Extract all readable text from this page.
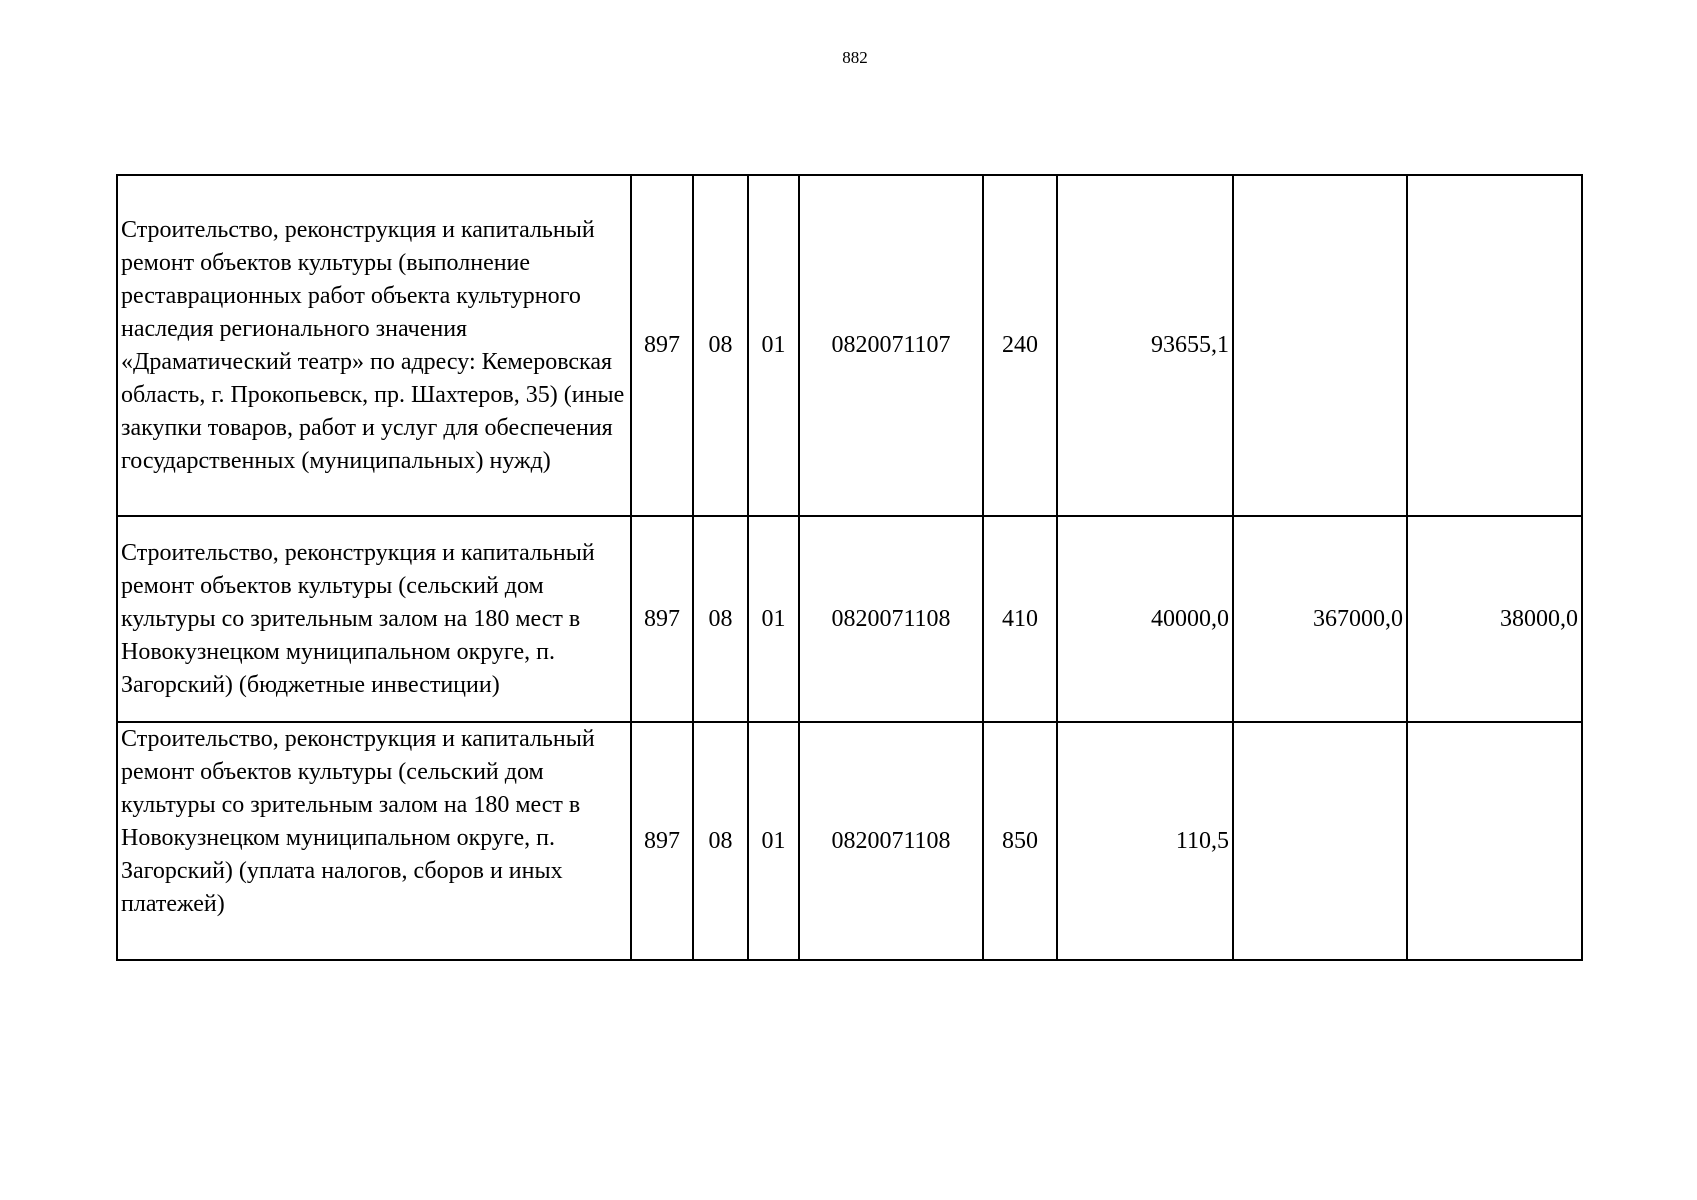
882
Строительство, реконструкция и капитальный ремонт объектов культуры (выполнение реставрационных работ объекта культурного наследия регионального значения «Драматический театр» по адресу: Кемеровская область, г. Прокопьевск, пр. Шахтеров, 35) (иные закупки товаров, работ и услуг для обеспечения государственных (муниципальных) нужд)	897	08	01	0820071107	240	93655,1		
Строительство, реконструкция и капитальный ремонт объектов культуры (сельский дом культуры со зрительным залом на 180 мест в Новокузнецком муниципальном округе, п. Загорский) (бюджетные инвестиции)	897	08	01	0820071108	410	40000,0	367000,0	38000,0
Строительство, реконструкция и капитальный ремонт объектов культуры (сельский дом культуры со зрительным залом на 180 мест в Новокузнецком муниципальном округе, п. Загорский) (уплата налогов, сборов и иных платежей)	897	08	01	0820071108	850	110,5		
